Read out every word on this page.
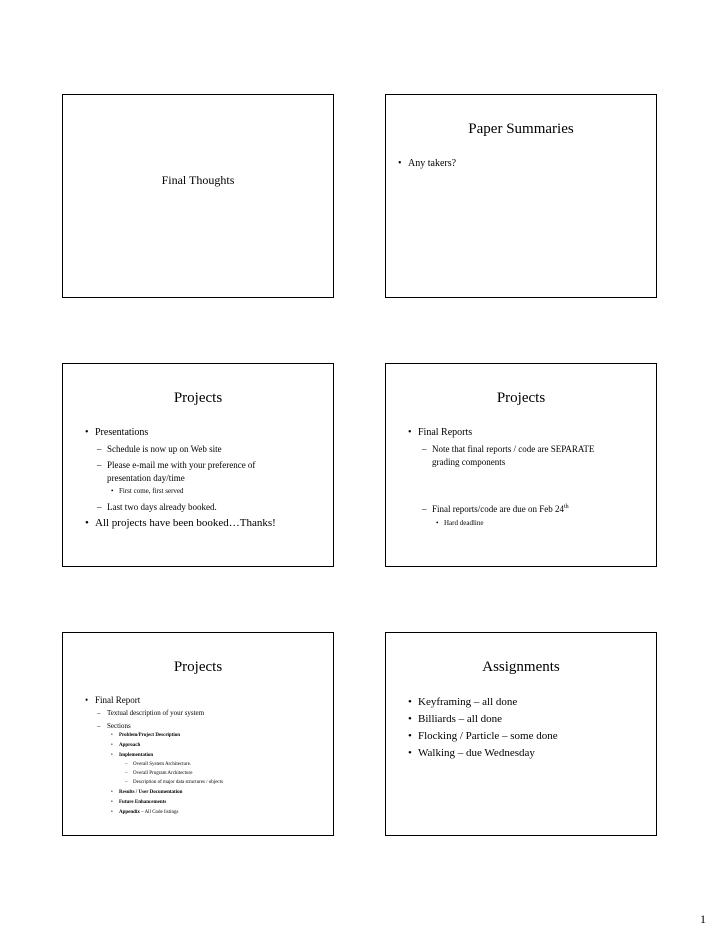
Final Thoughts
Paper Summaries
• Any takers?
Projects
• Presentations
– Schedule is now up on Web site
– Please e-mail me with your preference of
presentation day/time
• First come, first served
– Last two days already booked.
• All projects have been booked…Thanks!
Projects
• Final Reports
– Note that final reports / code are SEPARATE
grading components
– Final reports/code are due on Feb 24th
• Hard deadline
Projects
• Final Report
– Textual description of your system
– Sections
• Problem/Project Description
• Approach
• Implementation
– Overall System Architecture.
– Overall Program Architecture
– Description of major data structures / objects
• Results / User Documentation
• Future Enhancements
• Appendix – All Code listings
Assignments
• Keyframing – all done
• Billiards – all done
• Flocking / Particle – some done
• Walking – due Wednesday
1
